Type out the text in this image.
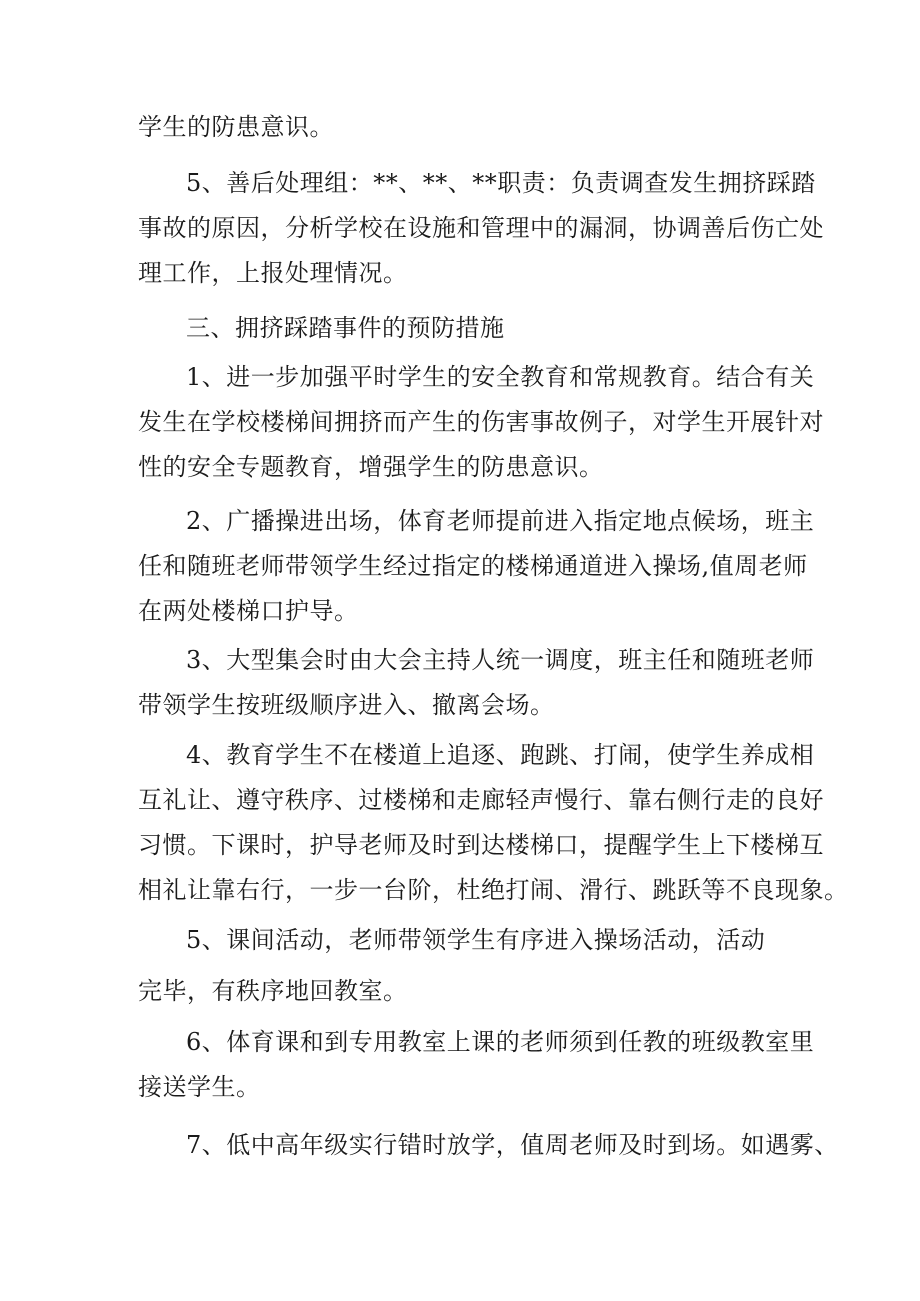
学生的防患意识。
5、善后处理组：**、**、**职责：负责调查发生拥挤踩踏
事故的原因，分析学校在设施和管理中的漏洞，协调善后伤亡处
理工作，上报处理情况。
三、拥挤踩踏事件的预防措施
1、进一步加强平时学生的安全教育和常规教育。结合有关
发生在学校楼梯间拥挤而产生的伤害事故例子，对学生开展针对
性的安全专题教育，增强学生的防患意识。
2、广播操进出场，体育老师提前进入指定地点候场，班主
任和随班老师带领学生经过指定的楼梯通道进入操场,值周老师
在两处楼梯口护导。
3、大型集会时由大会主持人统一调度，班主任和随班老师
带领学生按班级顺序进入、撤离会场。
4、教育学生不在楼道上追逐、跑跳、打闹，使学生养成相
互礼让、遵守秩序、过楼梯和走廊轻声慢行、靠右侧行走的良好
习惯。下课时，护导老师及时到达楼梯口，提醒学生上下楼梯互
相礼让靠右行，一步一台阶，杜绝打闹、滑行、跳跃等不良现象。
5、课间活动，老师带领学生有序进入操场活动，活动
完毕，有秩序地回教室。
6、体育课和到专用教室上课的老师须到任教的班级教室里
接送学生。
7、低中高年级实行错时放学，值周老师及时到场。如遇雾、
